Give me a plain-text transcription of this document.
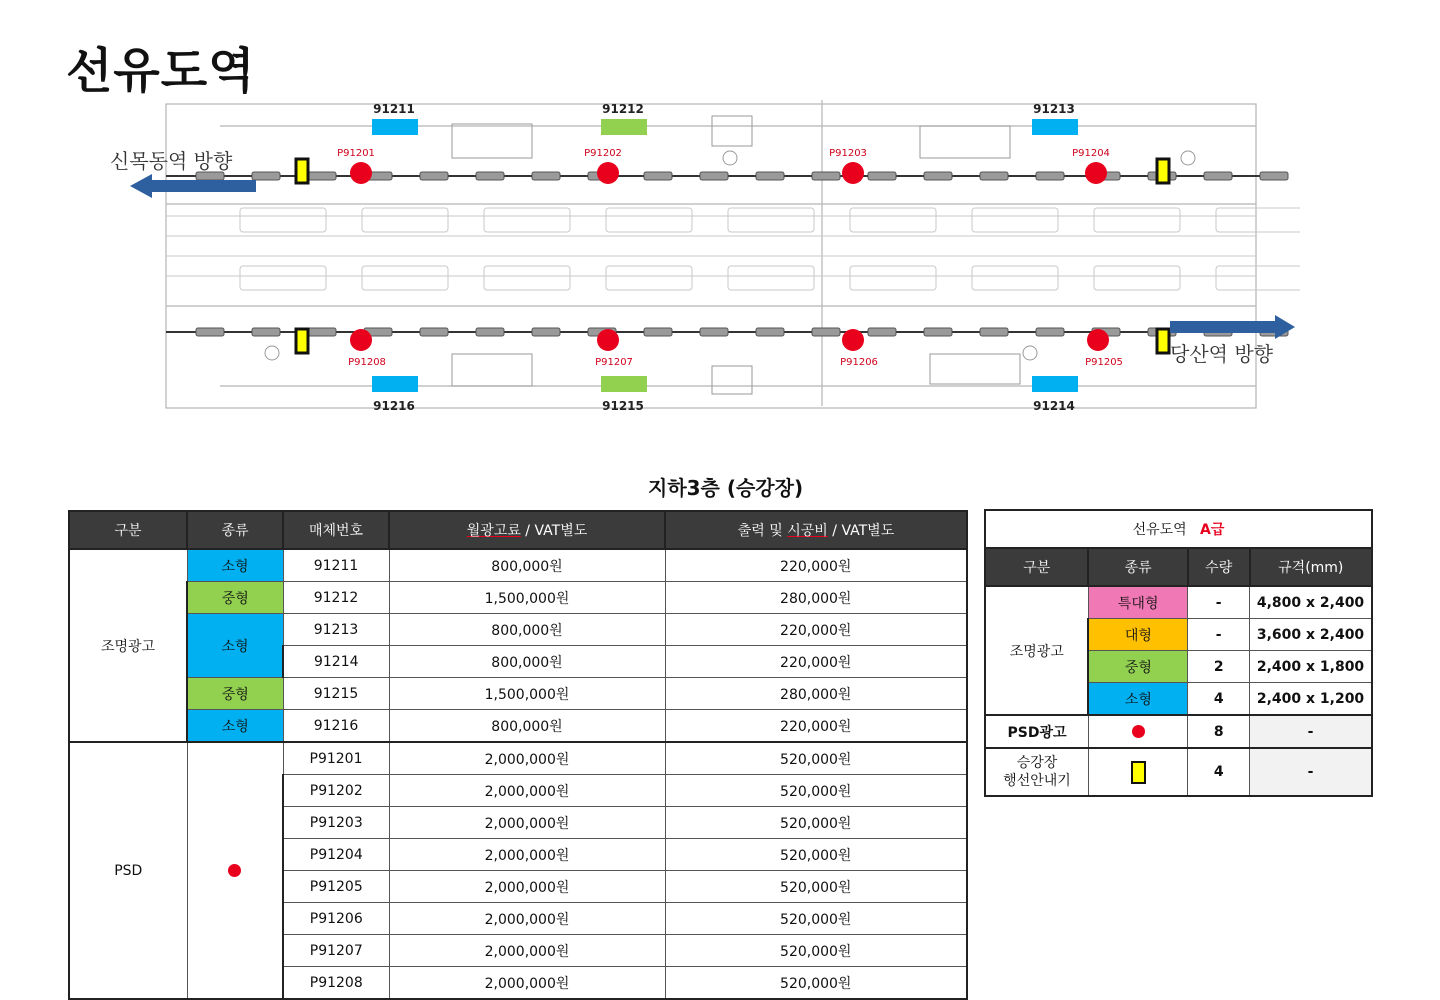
선유도역
91211	91212	91213
91216	91215	91214
P91201	P91202	P91203	P91204
P91208	P91207	P91206	P91205
신목동역 방향
당산역 방향
지하3층 (승강장)
구분	종류	매체번호	월광고료 / VAT별도	출력 및 시공비 / VAT별도
조명광고	소형	91211	800,000원	220,000원
	중형	91212	1,500,000원	280,000원
	소형	91213	800,000원	220,000원
		91214	800,000원	220,000원
	중형	91215	1,500,000원	280,000원
	소형	91216	800,000원	220,000원
PSD		P91201	2,000,000원	520,000원
		P91202	2,000,000원	520,000원
		P91203	2,000,000원	520,000원
		P91204	2,000,000원	520,000원
		P91205	2,000,000원	520,000원
		P91206	2,000,000원	520,000원
		P91207	2,000,000원	520,000원
		P91208	2,000,000원	520,000원
선유도역 A급			
구분	종류	수량	규격(mm)
조명광고	특대형	-	4,800 x 2,400
	대형	-	3,600 x 2,400
	중형	2	2,400 x 1,800
	소형	4	2,400 x 1,200
PSD광고		8	-
승강장
행선안내기		4	-
